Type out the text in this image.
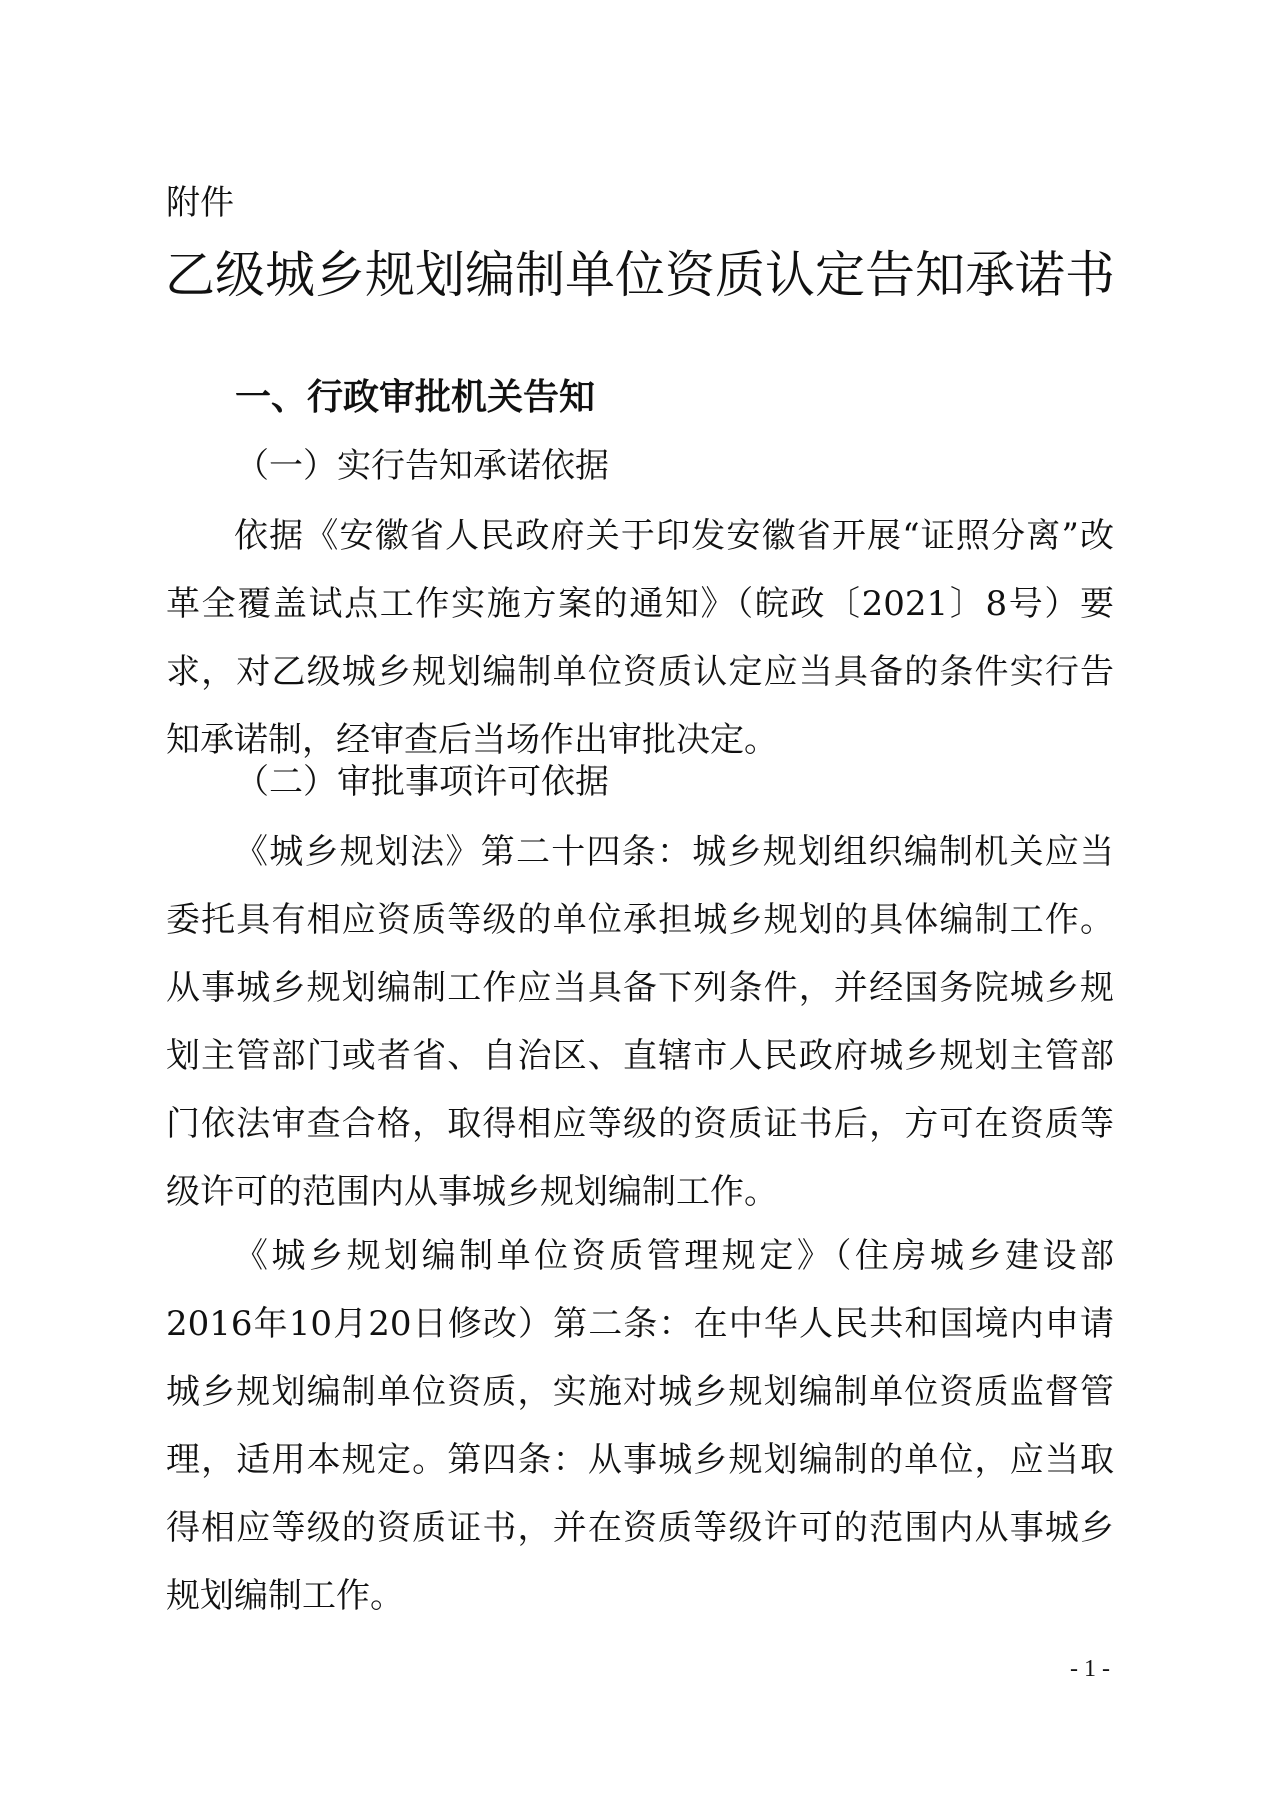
附件
乙级城乡规划编制单位资质认定告知承诺书
一、行政审批机关告知
（一）实行告知承诺依据
依据《安徽省人民政府关于印发安徽省开展“证照分离”改革全覆盖试点工作实施方案的通知》（皖政〔2021〕8号）要求，对乙级城乡规划编制单位资质认定应当具备的条件实行告知承诺制，经审查后当场作出审批决定。
（二）审批事项许可依据
《城乡规划法》第二十四条：城乡规划组织编制机关应当委托具有相应资质等级的单位承担城乡规划的具体编制工作。从事城乡规划编制工作应当具备下列条件，并经国务院城乡规划主管部门或者省、自治区、直辖市人民政府城乡规划主管部门依法审查合格，取得相应等级的资质证书后，方可在资质等级许可的范围内从事城乡规划编制工作。
《城乡规划编制单位资质管理规定》（住房城乡建设部2016年10月20日修改）第二条：在中华人民共和国境内申请城乡规划编制单位资质，实施对城乡规划编制单位资质监督管理，适用本规定。第四条：从事城乡规划编制的单位，应当取得相应等级的资质证书，并在资质等级许可的范围内从事城乡规划编制工作。
- 1 -
